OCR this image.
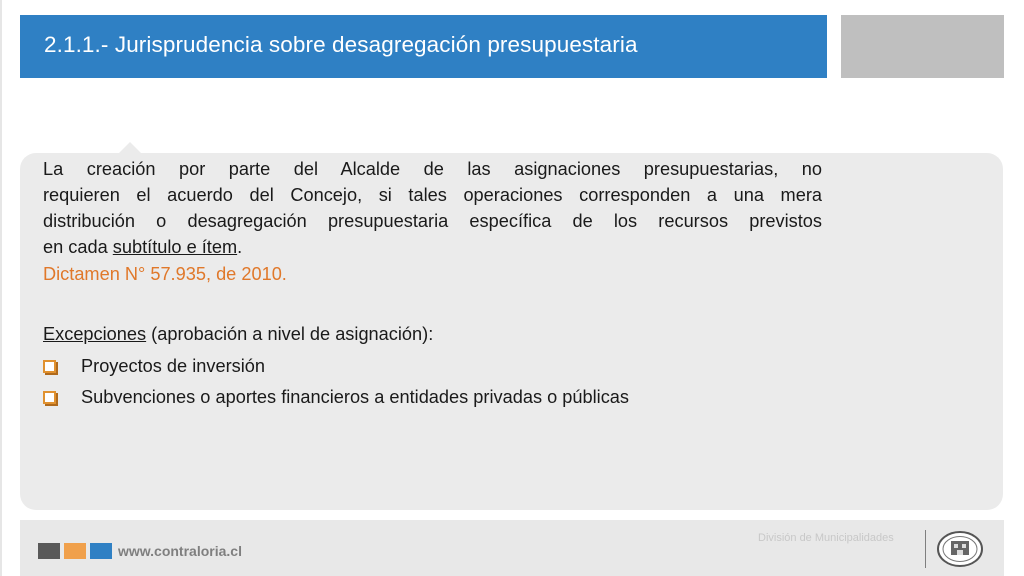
2.1.1.- Jurisprudencia sobre desagregación presupuestaria
La creación por parte del Alcalde de las asignaciones presupuestarias, no
requieren el acuerdo del Concejo, si tales operaciones corresponden a una mera
distribución o desagregación presupuestaria específica de los recursos previstos
en cada subtítulo e ítem.
Dictamen N° 57.935, de 2010.
Excepciones (aprobación a nivel de asignación):
Proyectos de inversión
Subvenciones o aportes financieros a entidades privadas o públicas
www.contraloria.cl
División de Municipalidades
